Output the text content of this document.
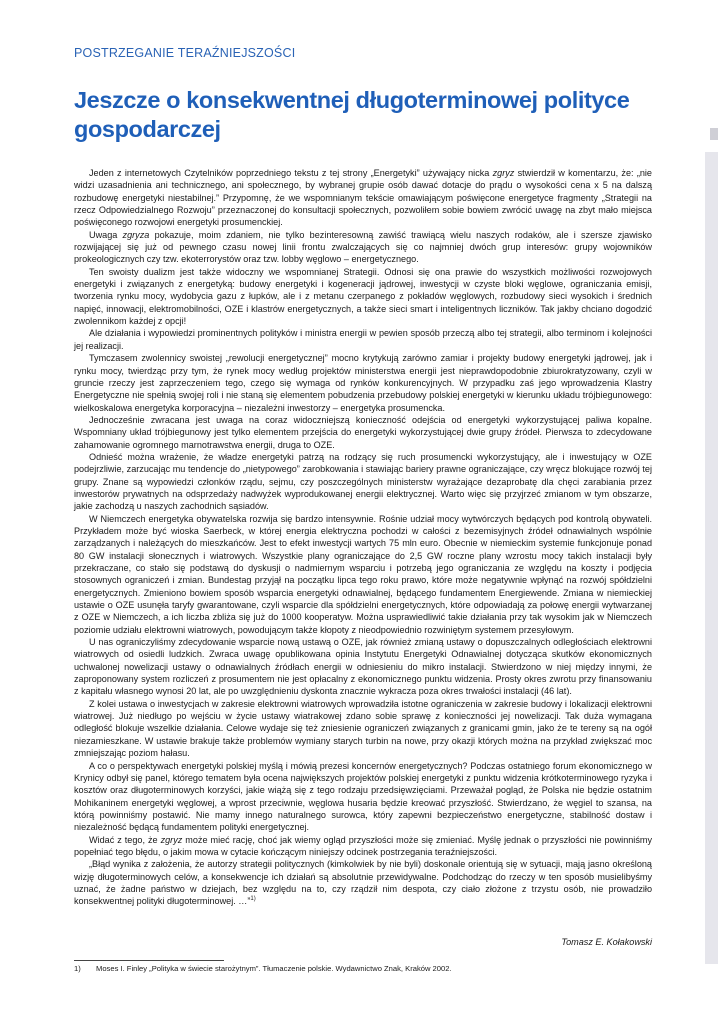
POSTRZEGANIE TERAŹNIEJSZOŚCI
Jeszcze o konsekwentnej długoterminowej polityce gospodarczej

Jeden z internetowych Czytelników poprzedniego tekstu z tej strony „Energetyki” używający nicka zgryz stwierdził w komentarzu, że: „nie widzi uzasadnienia ani technicznego, ani społecznego, by wybranej grupie osób dawać dotacje do prądu o wysokości cena x 5 na dalszą rozbudowę energetyki niestabilnej.” Przypomnę, że we wspomnianym tekście omawiającym poświęcone energetyce fragmenty „Strategii na rzecz Odpowiedzialnego Rozwoju” przeznaczonej do konsultacji społecznych, pozwoliłem sobie bowiem zwrócić uwagę na zbyt mało miejsca poświęconego rozwojowi energetyki prosumenckiej.

Uwaga zgryza pokazuje, moim zdaniem, nie tylko bezinteresowną zawiść trawiącą wielu naszych rodaków, ale i szersze zjawisko rozwijającej się już od pewnego czasu nowej linii frontu zwalczających się co najmniej dwóch grup interesów: grupy wojowników prokeologicznych czy tzw. ekoterrorystów oraz tzw. lobby węglowo – energetycznego.

Ten swoisty dualizm jest także widoczny we wspomnianej Strategii. Odnosi się ona prawie do wszystkich możliwości rozwojowych energetyki i związanych z energetyką: budowy energetyki i kogeneracji jądrowej, inwestycji w czyste bloki węglowe, ograniczania emisji, tworzenia rynku mocy, wydobycia gazu z łupków, ale i z metanu czerpanego z pokładów węglowych, rozbudowy sieci wysokich i średnich napięć, innowacji, elektromobilności, OZE i klastrów energetycznych, a także sieci smart i inteligentnych liczników. Tak jakby chciano dogodzić zwolennikom każdej z opcji!

Ale działania i wypowiedzi prominentnych polityków i ministra energii w pewien sposób przeczą albo tej strategii, albo terminom i kolejności jej realizacji.

Tymczasem zwolennicy swoistej „rewolucji energetycznej” mocno krytykują zarówno zamiar i projekty budowy energetyki jądrowej, jak i rynku mocy, twierdząc przy tym, że rynek mocy według projektów ministerstwa energii jest nieprawdopodobnie zbiurokratyzowany, czyli w gruncie rzeczy jest zaprzeczeniem tego, czego się wymaga od rynków konkurencyjnych. W przypadku zaś jego wprowadzenia Klastry Energetyczne nie spełnią swojej roli i nie staną się elementem pobudzenia przebudowy polskiej energetyki w kierunku układu trójbiegunowego: wielkoskalowa energetyka korporacyjna – niezależni inwestorzy – energetyka prosumencka.

Jednocześnie zwracana jest uwaga na coraz widoczniejszą konieczność odejścia od energetyki wykorzystującej paliwa kopalne. Wspomniany układ trójbiegunowy jest tylko elementem przejścia do energetyki wykorzystującej dwie grupy źródeł. Pierwsza to zdecydowane zahamowanie ogromnego marnotrawstwa energii, druga to OZE.

Odnieść można wrażenie, że władze energetyki patrzą na rodzący się ruch prosumencki wykorzystujący, ale i inwestujący w OZE podejrzliwie, zarzucając mu tendencje do „nietypowego” zarobkowania i stawiając bariery prawne ograniczające, czy wręcz blokujące rozwój tej grupy. Znane są wypowiedzi członków rządu, sejmu, czy poszczególnych ministerstw wyrażające dezaprobatę dla chęci zarabiania przez inwestorów prywatnych na odsprzedaży nadwyżek wyprodukowanej energii elektrycznej. Warto więc się przyjrzeć zmianom w tym obszarze, jakie zachodzą u naszych zachodnich sąsiadów.

W Niemczech energetyka obywatelska rozwija się bardzo intensywnie. Rośnie udział mocy wytwórczych będących pod kontrolą obywateli. Przykładem może być wioska Saerbeck, w której energia elektryczna pochodzi w całości z bezemisyjnych źródeł odnawialnych wspólnie zarządzanych i należących do mieszkańców. Jest to efekt inwestycji wartych 75 mln euro. Obecnie w niemieckim systemie funkcjonuje ponad 80 GW instalacji słonecznych i wiatrowych. Wszystkie plany ograniczające do 2,5 GW roczne plany wzrostu mocy takich instalacji były przekraczane, co stało się podstawą do dyskusji o nadmiernym wsparciu i potrzebą jego ograniczania ze względu na koszty i podjęcia stosownych ograniczeń i zmian. Bundestag przyjął na początku lipca tego roku prawo, które może negatywnie wpłynąć na rozwój spółdzielni energetycznych. Zmieniono bowiem sposób wsparcia energetyki odnawialnej, będącego fundamentem Energiewende. Zmiana w niemieckiej ustawie o OZE usunęła taryfy gwarantowane, czyli wsparcie dla spółdzielni energetycznych, które odpowiadają za połowę energii wytwarzanej z OZE w Niemczech, a ich liczba zbliża się już do 1000 kooperatyw. Można usprawiedliwić takie działania przy tak wysokim jak w Niemczech poziomie udziału elektrowni wiatrowych, powodującym także kłopoty z nieodpowiednio rozwiniętym systemem przesyłowym.

U nas ograniczyliśmy zdecydowanie wsparcie nową ustawą o OZE, jak również zmianą ustawy o dopuszczalnych odległościach elektrowni wiatrowych od osiedli ludzkich. Zwraca uwagę opublikowana opinia Instytutu Energetyki Odnawialnej dotycząca skutków ekonomicznych uchwalonej nowelizacji ustawy o odnawialnych źródłach energii w odniesieniu do mikro instalacji. Stwierdzono w niej między innymi, że zaproponowany system rozliczeń z prosumentem nie jest opłacalny z ekonomicznego punktu widzenia. Prosty okres zwrotu przy finansowaniu z kapitału własnego wynosi 20 lat, ale po uwzględnieniu dyskonta znacznie wykracza poza okres trwałości instalacji (46 lat).

Z kolei ustawa o inwestycjach w zakresie elektrowni wiatrowych wprowadziła istotne ograniczenia w zakresie budowy i lokalizacji elektrowni wiatrowej. Już niedługo po wejściu w życie ustawy wiatrakowej zdano sobie sprawę z konieczności jej nowelizacji. Tak duża wymagana odległość blokuje wszelkie działania. Celowe wydaje się też zniesienie ograniczeń związanych z granicami gmin, jako że te tereny są na ogół niezamieszkane. W ustawie brakuje także problemów wymiany starych turbin na nowe, przy okazji których można na przykład zwiększać moc zmniejszając poziom hałasu.

A co o perspektywach energetyki polskiej myślą i mówią prezesi koncernów energetycznych? Podczas ostatniego forum ekonomicznego w Krynicy odbył się panel, którego tematem była ocena największych projektów polskiej energetyki z punktu widzenia krótkoterminowego ryzyka i kosztów oraz długoterminowych korzyści, jakie wiążą się z tego rodzaju przedsięwzięciami. Przeważał pogląd, że Polska nie będzie ostatnim Mohikaninem energetyki węglowej, a wprost przeciwnie, węglowa husaria będzie kreować przyszłość. Stwierdzano, że węgiel to szansa, na którą powinniśmy postawić. Nie mamy innego naturalnego surowca, który zapewni bezpieczeństwo energetyczne, stabilność dostaw i niezależność będącą fundamentem polityki energetycznej.

Widać z tego, że zgryz może mieć rację, choć jak wiemy ogląd przyszłości może się zmieniać. Myślę jednak o przyszłości nie powinniśmy popełniać tego błędu, o jakim mowa w cytacie kończącym niniejszy odcinek postrzegania teraźniejszości.

„Błąd wynika z założenia, że autorzy strategii politycznych (kimkolwiek by nie byli) doskonale orientują się w sytuacji, mają jasno określoną wizję długoterminowych celów, a konsekwencje ich działań są absolutnie przewidywalne. Podchodząc do rzeczy w ten sposób musielibyśmy uznać, że żadne państwo w dziejach, bez względu na to, czy rządził nim despota, czy ciało złożone z trzystu osób, nie prowadziło konsekwentnej polityki długoterminowej. …”$^{1)}$

Tomasz E. Kołakowski
1) Moses I. Finley „Polityka w świecie starożytnym”. Tłumaczenie polskie. Wydawnictwo Znak, Kraków 2002.
